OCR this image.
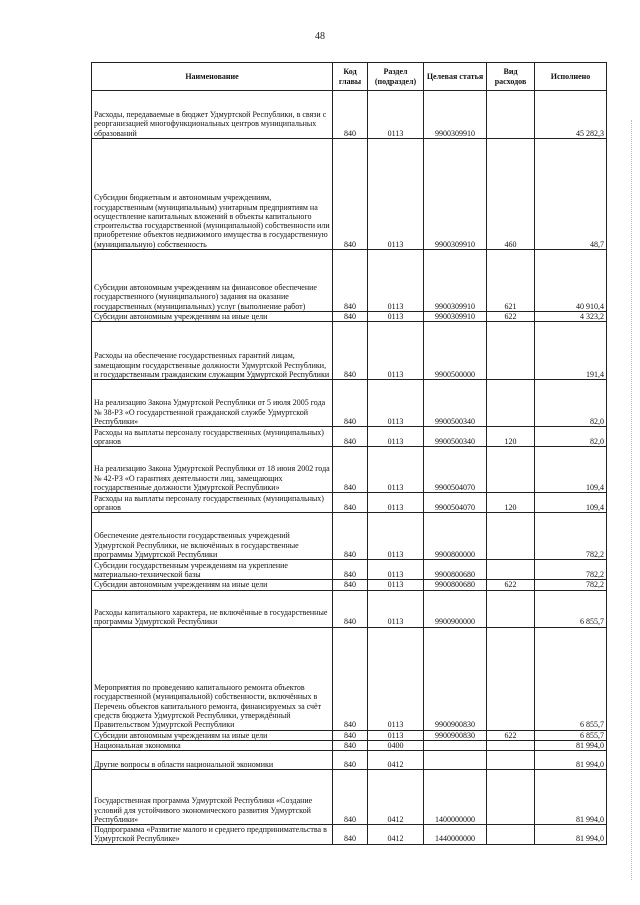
48
Наименование	Код главы	Раздел (подраздел)	Целевая статья	Вид расходов	Исполнено
Расходы, передаваемые в бюджет Удмуртской Республики, в связи с реорганизацией многофункциональных центров муниципальных образований	840	0113	9900309910		45 282,3
Субсидии бюджетным и автономным учреждениям, государственным (муниципальным) унитарным предприятиям на осуществление капитальных вложений в объекты капитального строительства государственной (муниципальной) собственности или приобретение объектов недвижимого имущества в государственную (муниципальную) собственность	840	0113	9900309910	460	48,7
Субсидии автономным учреждениям на финансовое обеспечение государственного (муниципального) задания на оказание государственных (муниципальных) услуг (выполнение работ)	840	0113	9900309910	621	40 910,4
Субсидии автономным учреждениям на иные цели	840	0113	9900309910	622	4 323,2
Расходы на обеспечение государственных гарантий лицам, замещающим государственные должности Удмуртской Республики, и государственным гражданским служащим Удмуртской Республики	840	0113	9900500000		191,4
На реализацию Закона Удмуртской Республики от 5 июля 2005 года № 38-РЗ «О государственной гражданской службе Удмуртской Республики»	840	0113	9900500340		82,0
Расходы на выплаты персоналу государственных (муниципальных) органов	840	0113	9900500340	120	82,0
На реализацию Закона Удмуртской Республики от 18 июня 2002 года № 42-РЗ «О гарантиях деятельности лиц, замещающих государственные должности Удмуртской Республики»	840	0113	9900504070		109,4
Расходы на выплаты персоналу государственных (муниципальных) органов	840	0113	9900504070	120	109,4
Обеспечение деятельности государственных учреждений Удмуртской Республики, не включённых в государственные программы Удмуртской Республики	840	0113	9900800000		782,2
Субсидии государственным учреждениям на укрепление материально-технической базы	840	0113	9900800680		782,2
Субсидии автономным учреждениям на иные цели	840	0113	9900800680	622	782,2
Расходы капитального характера, не включённые в государственные программы Удмуртской Республики	840	0113	9900900000		6 855,7
Мероприятия по проведению капитального ремонта объектов государственной (муниципальной) собственности, включённых в Перечень объектов капитального ремонта, финансируемых за счёт средств бюджета Удмуртской Республики, утверждённый Правительством Удмуртской Республики	840	0113	9900900830		6 855,7
Субсидии автономным учреждениям на иные цели	840	0113	9900900830	622	6 855,7
Национальная экономика	840	0400			81 994,0
Другие вопросы в области национальной экономики	840	0412			81 994,0
Государственная программа Удмуртской Республики «Создание условий для устойчивого экономического развития Удмуртской Республики»	840	0412	1400000000		81 994,0
Подпрограмма «Развитие малого и среднего предпринимательства в Удмуртской Республике»	840	0412	1440000000		81 994,0
